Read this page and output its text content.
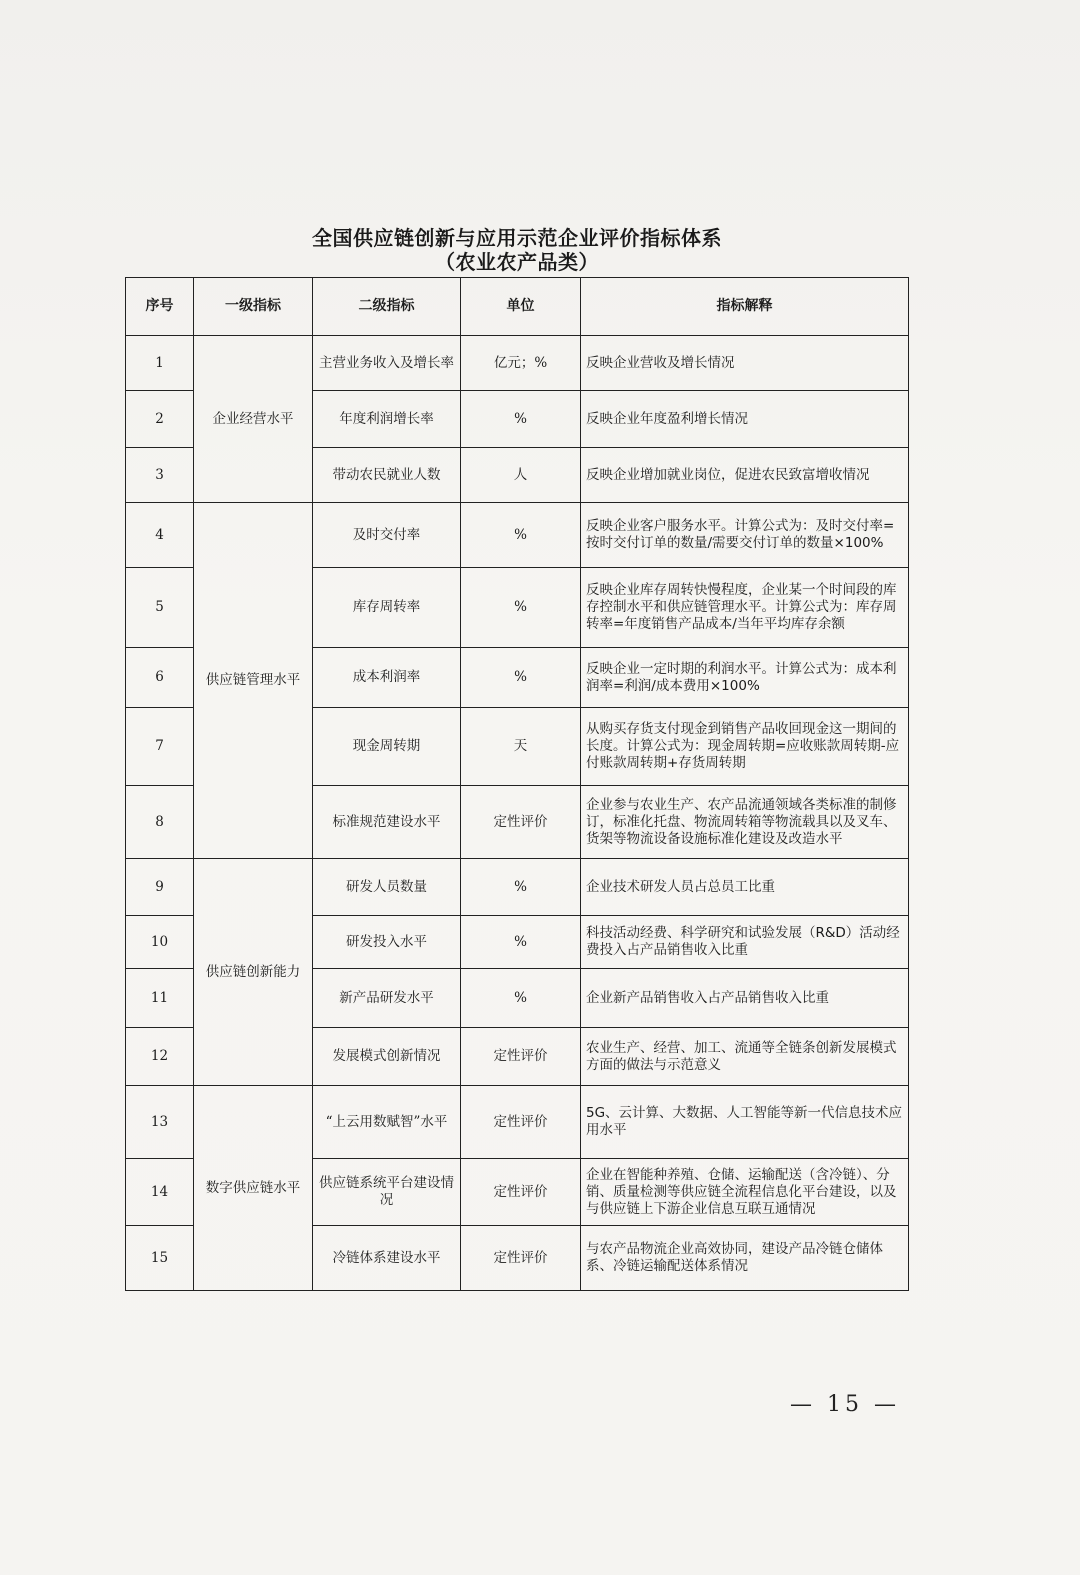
全国供应链创新与应用示范企业评价指标体系
（农业农产品类）
序号	一级指标	二级指标	单位	指标解释
1	企业经营水平	主营业务收入及增长率	亿元；%	反映企业营收及增长情况
2		年度利润增长率	%	反映企业年度盈利增长情况
3		带动农民就业人数	人	反映企业增加就业岗位，促进农民致富增收情况
4	供应链管理水平	及时交付率	%	反映企业客户服务水平。计算公式为：及时交付率=按时交付订单的数量/需要交付订单的数量×100%
5		库存周转率	%	反映企业库存周转快慢程度，企业某一个时间段的库存控制水平和供应链管理水平。计算公式为：库存周转率=年度销售产品成本/当年平均库存余额
6		成本利润率	%	反映企业一定时期的利润水平。计算公式为：成本利润率=利润/成本费用×100%
7		现金周转期	天	从购买存货支付现金到销售产品收回现金这一期间的长度。计算公式为：现金周转期=应收账款周转期-应付账款周转期+存货周转期
8		标准规范建设水平	定性评价	企业参与农业生产、农产品流通领域各类标准的制修订，标准化托盘、物流周转箱等物流载具以及叉车、货架等物流设备设施标准化建设及改造水平
9	供应链创新能力	研发人员数量	%	企业技术研发人员占总员工比重
10		研发投入水平	%	科技活动经费、科学研究和试验发展（R&D）活动经费投入占产品销售收入比重
11		新产品研发水平	%	企业新产品销售收入占产品销售收入比重
12		发展模式创新情况	定性评价	农业生产、经营、加工、流通等全链条创新发展模式方面的做法与示范意义
13	数字供应链水平	“上云用数赋智”水平	定性评价	5G、云计算、大数据、人工智能等新一代信息技术应用水平
14		供应链系统平台建设情况	定性评价	企业在智能种养殖、仓储、运输配送（含冷链）、分销、质量检测等供应链全流程信息化平台建设，以及与供应链上下游企业信息互联互通情况
15		冷链体系建设水平	定性评价	与农产品物流企业高效协同，建设产品冷链仓储体系、冷链运输配送体系情况
— 15 —
